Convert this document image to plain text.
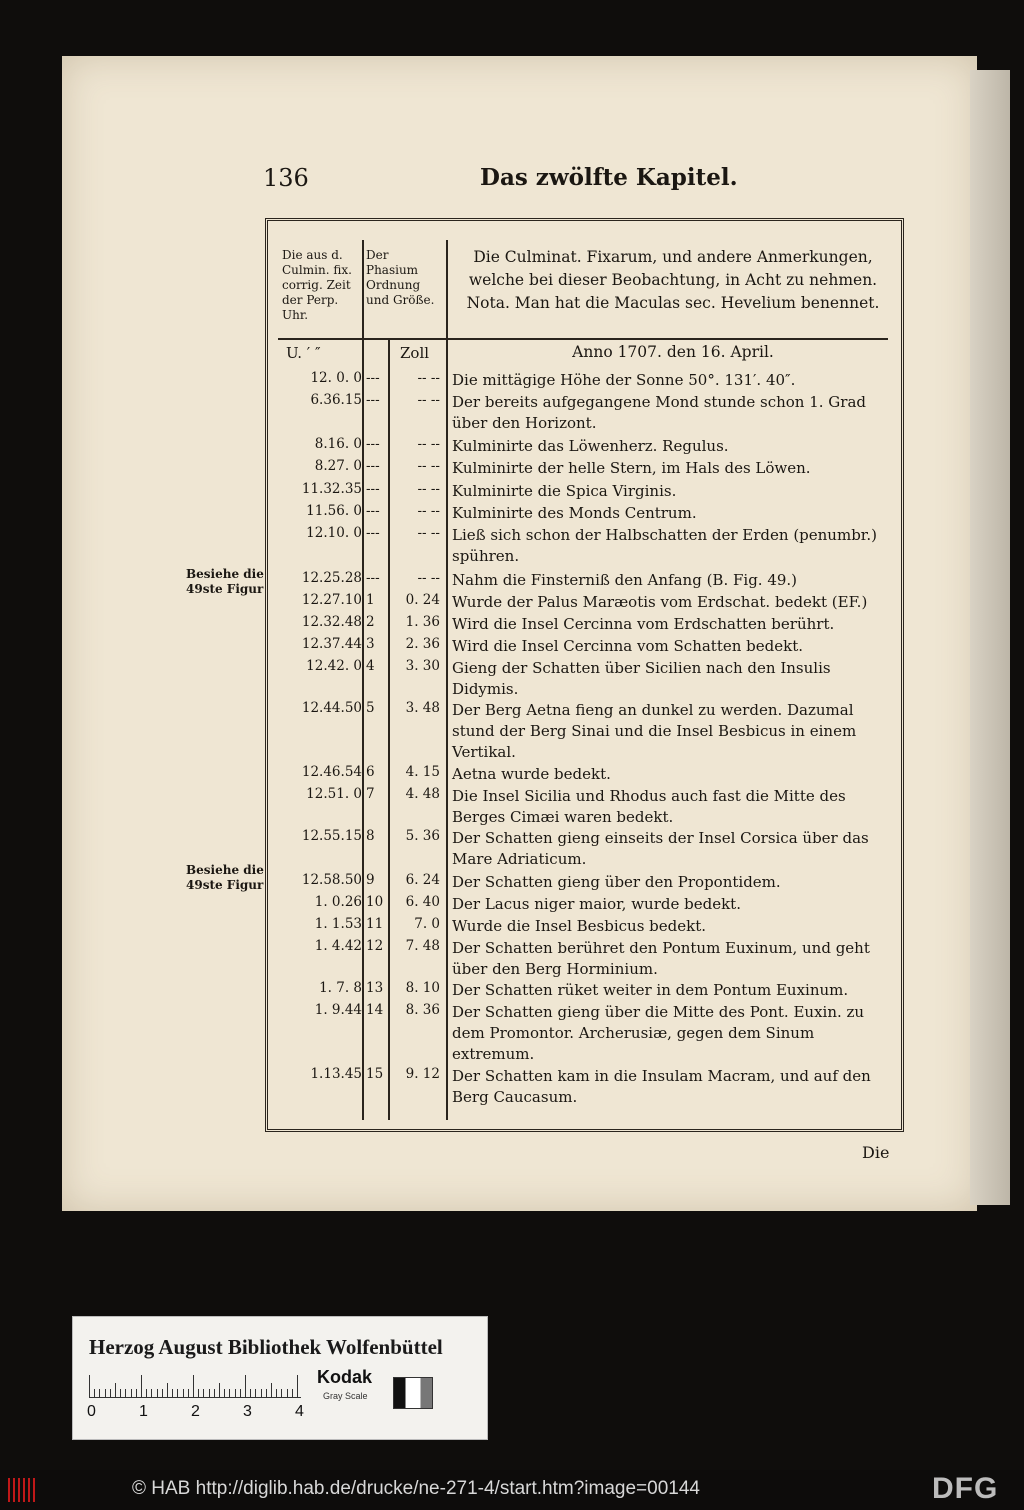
136	Das zwölfte Kapitel.
Die aus d. Culmin. fix. corrig. Zeit der Perp. Uhr.
Der Phasium Ordnung und Größe.
Die Culminat. Fixarum, und andere Anmerkungen, welche bei dieser Beobachtung, in Acht zu nehmen. Nota. Man hat die Maculas sec. Hevelium benennet.
U. ′ ″	Zoll	Anno 1707. den 16. April.
12. 0. 0 ---	-- -- Die mittägige Höhe der Sonne 50°. 131′. 40″.
6.36.15 ---	-- -- Der bereits aufgegangene Mond stunde schon 1. Grad über den Horizont.
8.16. 0 ---	-- -- Kulminirte das Löwenherz. Regulus.
8.27. 0 ---	-- -- Kulminirte der helle Stern, im Hals des Löwen.
11.32.35 ---	-- -- Kulminirte die Spica Virginis.
11.56. 0 ---	-- -- Kulminirte des Monds Centrum.
12.10. 0 ---	-- -- Ließ sich schon der Halbschatten der Erden (penumbr.) spühren.
12.25.28 ---	-- -- Nahm die Finsterniß den Anfang (B. Fig. 49.)
12.27.10 1	0. 24 Wurde der Palus Maræotis vom Erdschat. bedekt (EF.)
12.32.48 2	1. 36 Wird die Insel Cercinna vom Erdschatten berührt.
12.37.44 3	2. 36 Wird die Insel Cercinna vom Schatten bedekt.
12.42. 0 4	3. 30 Gieng der Schatten über Sicilien nach den Insulis Didymis.
12.44.50 5	3. 48 Der Berg Aetna fieng an dunkel zu werden. Dazumal stund der Berg Sinai und die Insel Besbicus in einem Vertikal.
12.46.54 6	4. 15 Aetna wurde bedekt.
12.51. 0 7	4. 48 Die Insel Sicilia und Rhodus auch fast die Mitte des Berges Cimæi waren bedekt.
12.55.15 8	5. 36 Der Schatten gieng einseits der Insel Corsica über das Mare Adriaticum.
12.58.50 9	6. 24 Der Schatten gieng über den Propontidem.
1. 0.26 10	6. 40 Der Lacus niger maior, wurde bedekt.
1. 1.53 11	7. 0 Wurde die Insel Besbicus bedekt.
1. 4.42 12	7. 48 Der Schatten berühret den Pontum Euxinum, und geht über den Berg Horminium.
1. 7. 8 13	8. 10 Der Schatten rüket weiter in dem Pontum Euxinum.
1. 9.44 14	8. 36 Der Schatten gieng über die Mitte des Pont. Euxin. zu dem Promontor. Archerusiæ, gegen dem Sinum extremum.
1.13.45 15	9. 12 Der Schatten kam in die Insulam Macram, und auf den Berg Caucasum.
Besiehe die 49ste Figur
Besiehe die 49ste Figur
Die
Herzog August Bibliothek Wolfenbüttel
0	1	2	3	4
Kodak
Gray Scale
© HAB http://diglib.hab.de/drucke/ne-271-4/start.htm?image=00144	DFG
